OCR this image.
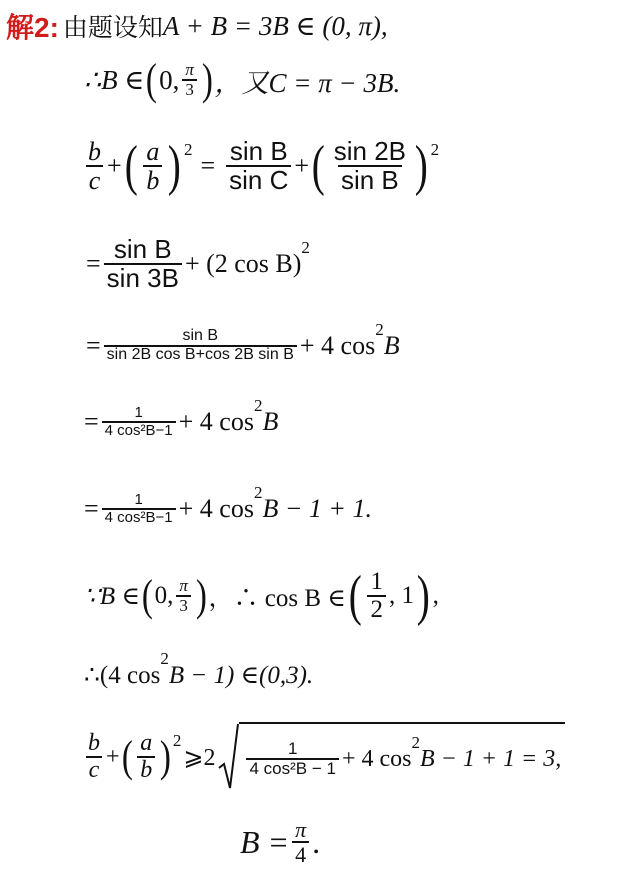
解2: 由题设知 A + B = 3B ∈ (0, π),
∴B ∈ ( 0, $\frac{\pi}{3}$ ) ，又C = π − 3B.
$\frac{b}{c}$ + ( $\frac{a}{b}$ ) 2
= $\frac{\text{sin B}}{\text{sin C}}$ + ( $\frac{\sin 2B}{\text{sin B}}$ ) 2
= $\frac{\text{sin B}}{\sin 3B} + (2$ cos B)
2
= $\frac{\text{sin B}}{\text{sin 2B cos B+cos 2B sin B}} + 4$ cos
2
B
= $\frac{1}{\text{4 cos²B−1}} + 4$ cos
2
B
= $\frac{1}{\text{4 cos²B−1}} + 4$ cos
2
B − 1 + 1.
∵B ∈ ( 0, $\frac{\pi}{3}$ ) ，∴ cos B ∈ ( $\frac{1}{2}$ , 1 ) ,
∴(4 cos
2
B − 1) ∈(0,3).
$\frac{b}{c}$ + ( $\frac{a}{b}$ ) 2
⩾2 $\frac{1}{\text{4 cos²B − 1}} + 4$ cos
2
B − 1 + 1 = 3,
$B = \frac{\pi}{4}$ .
